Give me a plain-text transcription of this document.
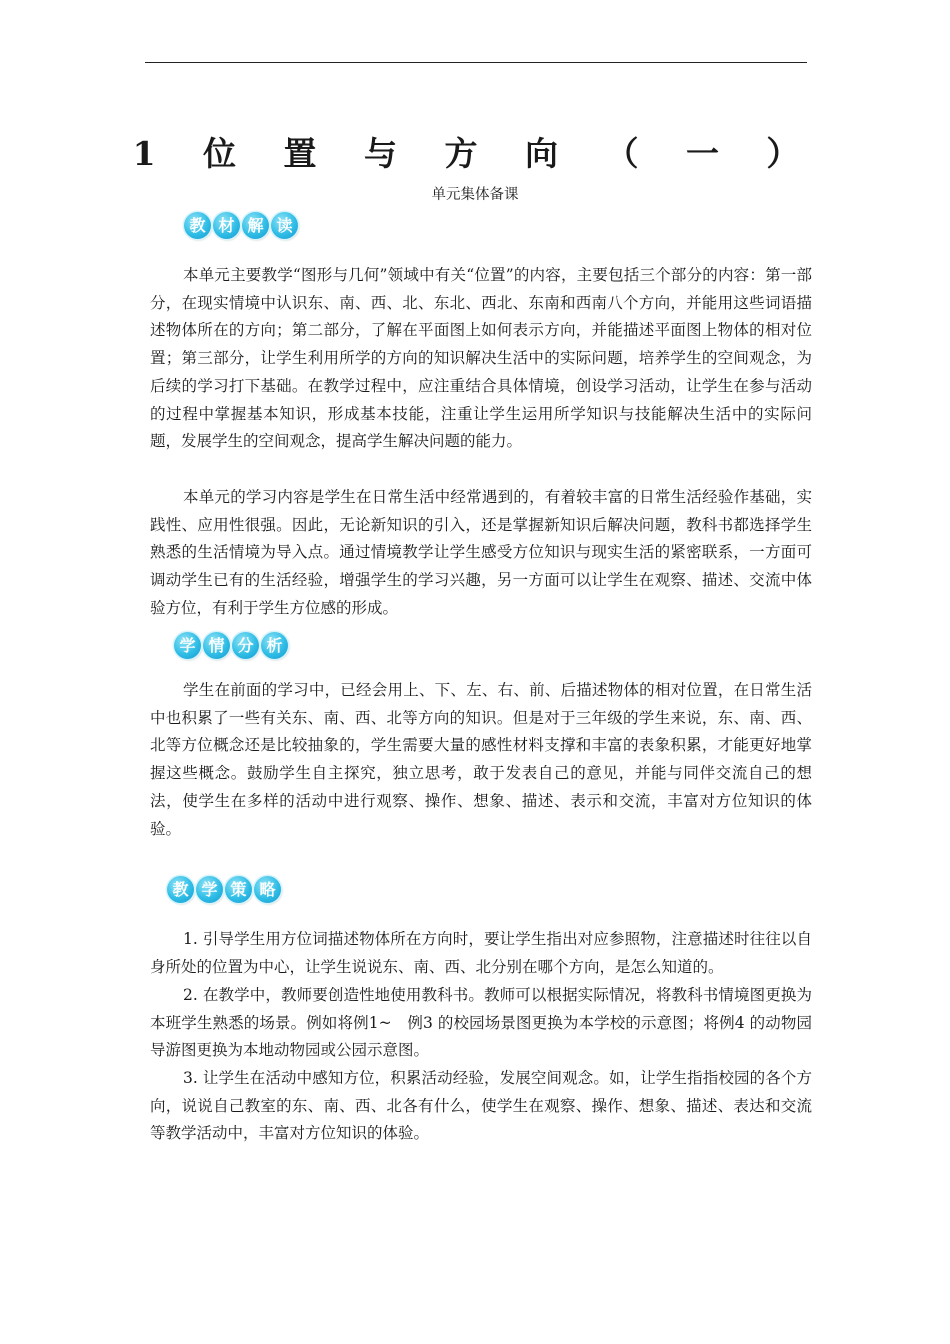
1 位 置 与 方 向 （ 一 ）
单元集体备课
教 材 解 读

本单元主要教学“图形与几何”领域中有关“位置”的内容，主要包括三个部分的内容：第一部分，在现实情境中认识东、南、西、北、东北、西北、东南和西南八个方向，并能用这些词语描述物体所在的方向；第二部分，了解在平面图上如何表示方向，并能描述平面图上物体的相对位置；第三部分，让学生利用所学的方向的知识解决生活中的实际问题，培养学生的空间观念，为后续的学习打下基础。在教学过程中，应注重结合具体情境，创设学习活动，让学生在参与活动的过程中掌握基本知识，形成基本技能，注重让学生运用所学知识与技能解决生活中的实际问题，发展学生的空间观念，提高学生解决问题的能力。

本单元的学习内容是学生在日常生活中经常遇到的，有着较丰富的日常生活经验作基础，实践性、应用性很强。因此，无论新知识的引入，还是掌握新知识后解决问题，教科书都选择学生熟悉的生活情境为导入点。通过情境教学让学生感受方位知识与现实生活的紧密联系，一方面可调动学生已有的生活经验，增强学生的学习兴趣，另一方面可以让学生在观察、描述、交流中体验方位，有利于学生方位感的形成。

学 情 分 析

学生在前面的学习中，已经会用上、下、左、右、前、后描述物体的相对位置，在日常生活中也积累了一些有关东、南、西、北等方向的知识。但是对于三年级的学生来说，东、南、西、北等方位概念还是比较抽象的，学生需要大量的感性材料支撑和丰富的表象积累，才能更好地掌握这些概念。鼓励学生自主探究，独立思考，敢于发表自己的意见，并能与同伴交流自己的想法，使学生在多样的活动中进行观察、操作、想象、描述、表示和交流，丰富对方位知识的体验。

教 学 策 略

1. 引导学生用方位词描述物体所在方向时，要让学生指出对应参照物，注意描述时往往以自身所处的位置为中心，让学生说说东、南、西、北分别在哪个方向，是怎么知道的。

2. 在教学中，教师要创造性地使用教科书。教师可以根据实际情况，将教科书情境图更换为本班学生熟悉的场景。例如将例1~　例3 的校园场景图更换为本学校的示意图；将例4 的动物园导游图更换为本地动物园或公园示意图。

3. 让学生在活动中感知方位，积累活动经验，发展空间观念。如，让学生指指校园的各个方向，说说自己教室的东、南、西、北各有什么，使学生在观察、操作、想象、描述、表达和交流等教学活动中，丰富对方位知识的体验。
